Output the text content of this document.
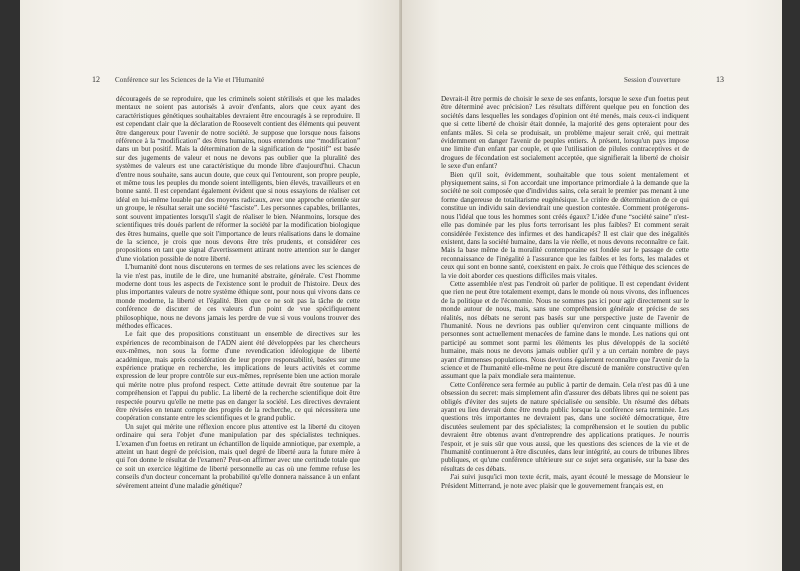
12 Conférence sur les Sciences de la Vie et l'Humanité

décourageés de se reproduire, que les criminels soient stérilisés et que les malades mentaux ne soient pas autorisés à avoir d'enfants, alors que ceux ayant des caractéristiques génétiques souhaitables devraient être encouragés à se reproduire. Il est cependant clair que la déclaration de Roosevelt contient des éléments qui peuvent être dangereux pour l'avenir de notre société. Je suppose que lorsque nous faisons référence à la “modification” des êtres humains, nous entendons une “modification” dans un but positif. Mais la détermination de la signification de “positif” est basée sur des jugements de valeur et nous ne devons pas oublier que la pluralité des systèmes de valeurs est une caractéristique du monde libre d'aujourd'hui. Chacun d'entre nous souhaite, sans aucun doute, que ceux qui l'entourent, son propre peuple, et même tous les peuples du monde soient intelligents, bien élevés, travailleurs et en bonne santé. Il est cependant également évident que si nous essayions de réaliser cet idéal en lui-même louable par des moyens radicaux, avec une approche orientée sur un groupe, le résultat serait une société “fasciste”. Les personnes capables, brillantes, sont souvent impatientes lorsqu'il s'agit de réaliser le bien. Néanmoins, lorsque des scientifiques très doués parlent de réformer la société par la modification biologique des êtres humains, quelle que soit l'importance de leurs réalisations dans le domaine de la science, je crois que nous devons être très prudents, et considérer ces propositions en tant que signal d'avertissement attirant notre attention sur le danger d'une violation possible de notre liberté.

L'humanité dont nous discuterons en termes de ses relations avec les sciences de la vie n'est pas, inutile de le dire, une humanité abstraite, générale. C'est l'homme moderne dont tous les aspects de l'existence sont le produit de l'histoire. Deux des plus importantes valeurs de notre système éthique sont, pour nous qui vivons dans ce monde moderne, la liberté et l'égalité. Bien que ce ne soit pas la tâche de cette conférence de discuter de ces valeurs d'un point de vue spécifiquement philosophique, nous ne devons jamais les perdre de vue si vous voulons trouver des méthodes efficaces.

Le fait que des propositions constituant un ensemble de directives sur les expériences de recombinaison de l'ADN aient été développées par les chercheurs eux-mêmes, non sous la forme d'une revendication idéologique de liberté académique, mais après considération de leur propre responsabilité, basées sur une expérience pratique en recherche, les implications de leurs activités et comme expression de leur propre contrôle sur eux-mêmes, représente bien une action morale qui mérite notre plus profond respect. Cette attitude devrait être soutenue par la compréhension et l'appui du public. La liberté de la recherche scientifique doit être respectée pourvu qu'elle ne mette pas en danger la société. Les directives devraient être révisées en tenant compte des progrès de la recherche, ce qui nécessitera une coopération constante entre les scientifiques et le grand public.

Un sujet qui mérite une réflexion encore plus attentive est la liberté du citoyen ordinaire qui sera l'objet d'une manipulation par des spécialistes techniques. L'examen d'un foetus en retirant un échantillon de liquide amniotique, par exemple, a atteint un haut degré de précision, mais quel degré de liberté aura la future mère à qui l'on donne le résultat de l'examen? Peut-on affirmer avec une certitude totale que ce soit un exercice légitime de liberté personnelle au cas où une femme refuse les conseils d'un docteur concernant la probabilité qu'elle donnera naissance à un enfant sévèrement atteint d'une maladie génétique?

Session d'ouverture	13

Devrait-il être permis de choisir le sexe de ses enfants, lorsque le sexe d'un foetus peut être déterminé avec précision? Les résultats différent quelque peu en fonction des sociétés dans lesquelles les sondages d'opinion ont été menés, mais ceux-ci indiquent que si cette liberté de choisir était donnée, la majorité des gens opteraient pour des enfants mâles. Si cela se produisait, un problème majeur serait créé, qui mettrait évidemment en danger l'avenir de peuples entiers. À présent, lorsqu'un pays impose une limite d'un enfant par couple, et que l'utilisation de pilules contraceptives et de drogues de fécondation est socialement acceptée, que signifierait la liberté de choisir le sexe d'un enfant?

Bien qu'il soit, évidemment, souhaitable que tous soient mentalement et physiquement sains, si l'on accordait une importance primordiale à la demande que la société ne soit composée que d'individus sains, cela serait le premier pas menant à une forme dangereuse de totalitarisme eugénésique. Le critère de détermination de ce qui constitue un individu sain deviendrait une question contestée. Comment protégerons-nous l'idéal que tous les hommes sont créés égaux? L'idée d'une “société saine” n'est-elle pas dominée par les plus forts terrorisant les plus faibles? Et comment serait considérée l'existence des infirmes et des handicapés? Il est clair que des inégalités existent, dans la société humaine, dans la vie réelle, et nous devons reconnaître ce fait. Mais la base même de la moralité contemporaine est fondée sur le passage de cette reconnaissance de l'inégalité à l'assurance que les faibles et les forts, les malades et ceux qui sont en bonne santé, coexistent en paix. Je crois que l'éthique des sciences de la vie doit aborder ces questions difficiles mais vitales.

Cette assemblée n'est pas l'endroit où parler de politique. Il est cependant évident que rien ne peut être totalement exempt, dans le monde où nous vivons, des influences de la politique et de l'économie. Nous ne sommes pas ici pour agir directement sur le monde autour de nous, mais, sans une compréhension générale et précise de ses réalités, nos débats ne seront pas basés sur une perspective juste de l'avenir de l'humanité. Nous ne devrions pas oublier qu'environ cent cinquante millions de personnes sont actuellement menacées de famine dans le monde. Les nations qui ont participé au sommet sont parmi les éléments les plus développés de la société humaine, mais nous ne devons jamais oublier qu'il y a un certain nombre de pays ayant d'immenses populations. Nous devrions également reconnaître que l'avenir de la science et de l'humanité elle-même ne peut être discuté de manière constructive qu'en assumant que la paix mondiale sera maintenue.

Cette Conférence sera fermée au public à partir de demain. Cela n'est pas dû à une obsession du secret: mais simplement afin d'assurer des débats libres qui ne soient pas obligés d'éviter des sujets de nature spécialisée ou sensible. Un résumé des débats ayant eu lieu devrait donc être rendu public lorsque la conférence sera terminée. Les questions très importantes ne devraient pas, dans une société démocratique, être discutées seulement par des spécialistes; la compréhension et le soutien du public devraient être obtenus avant d'entreprendre des applications pratiques. Je nourris l'espoir, et je suis sûr que vous aussi, que les questions des sciences de la vie et de l'humanité continueront à être discutées, dans leur intégrité, au cours de tribunes libres publiques, et qu'une conférence ultérieure sur ce sujet sera organisée, sur la base des résultats de ces débats.

J'ai suivi jusqu'ici mon texte écrit, mais, ayant écouté le message de Monsieur le Président Mitterrand, je note avec plaisir que le gouvernement français est, en
